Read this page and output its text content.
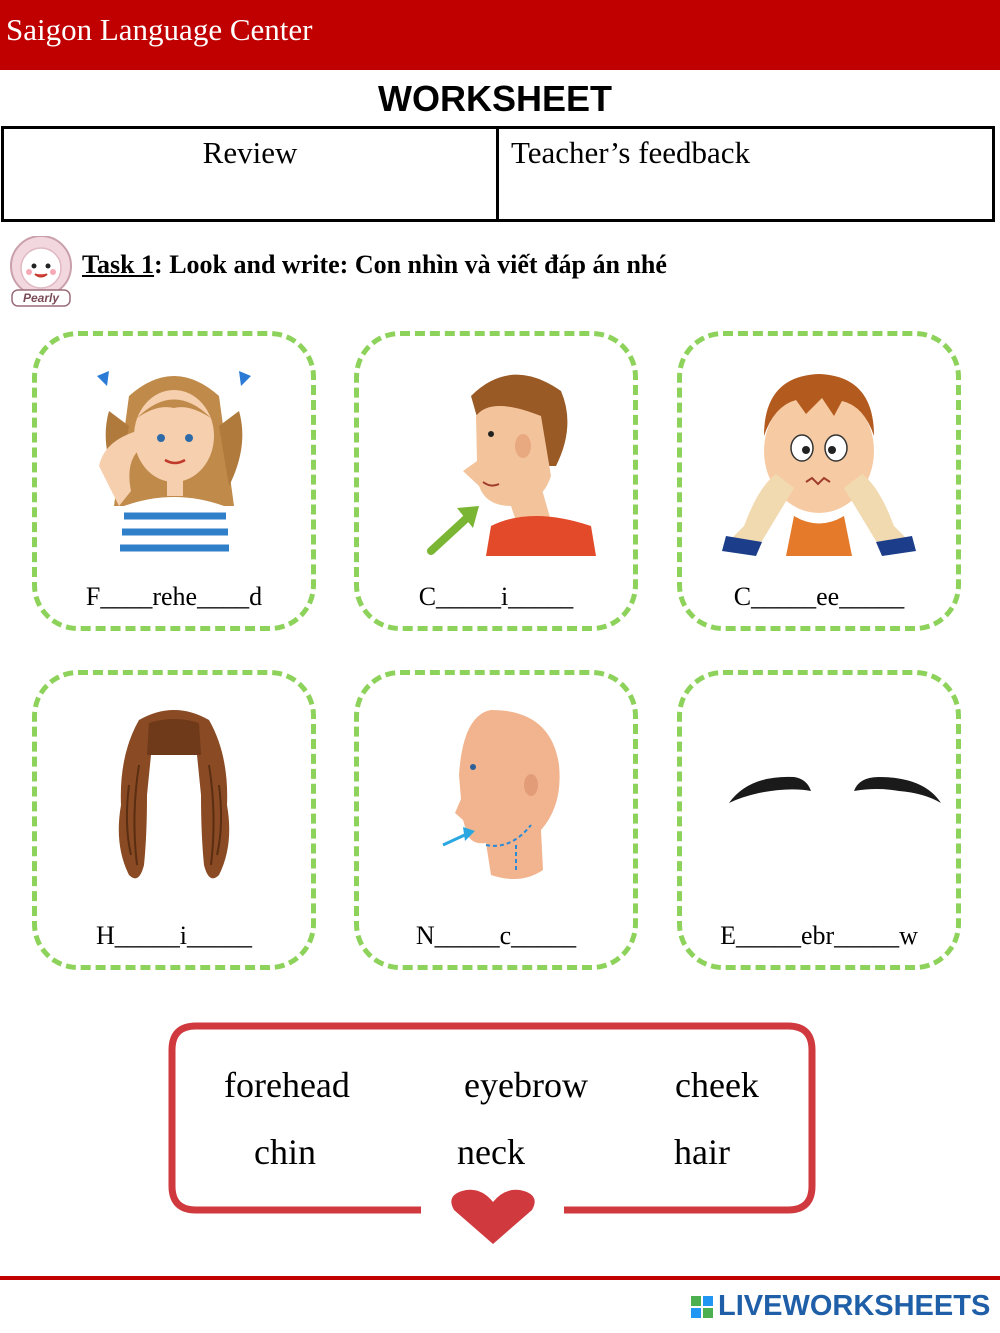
Saigon Language Center
WORKSHEET
Review	Teacher’s feedback
Pearly
Task 1: Look and write: Con nhìn và viết đáp án nhé
F____rehe____d	C_____i_____	C_____ee_____
H_____i_____	N_____c_____	E_____ebr_____w
forehead	eyebrow cheek
chin	neck	hair
LIVEWORKSHEETS
